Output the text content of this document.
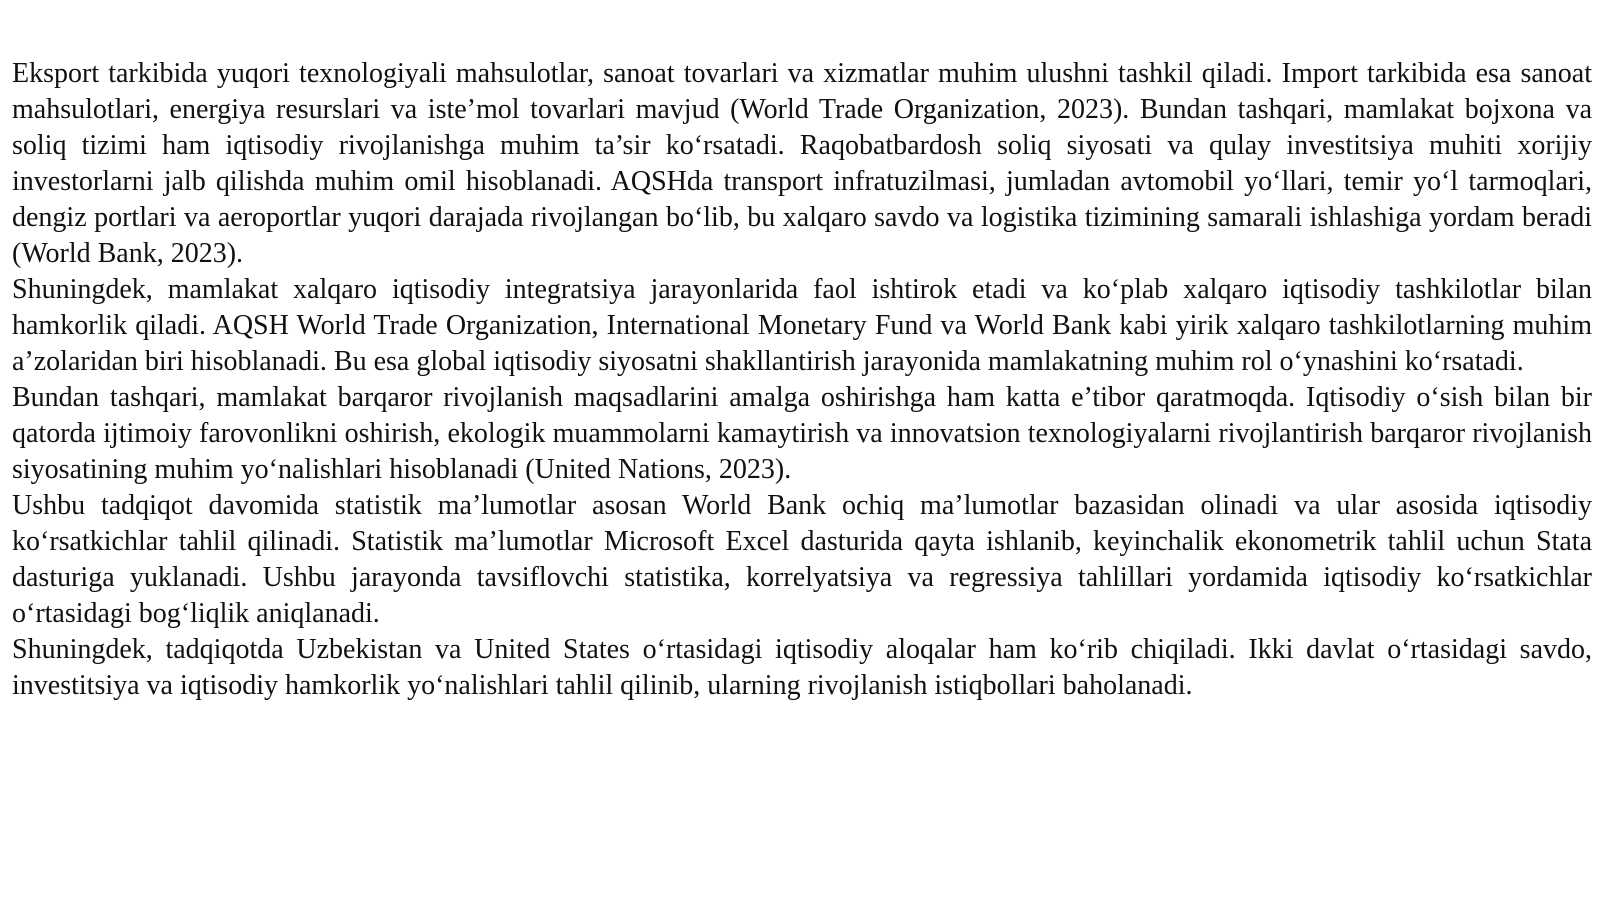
Eksport tarkibida yuqori texnologiyali mahsulotlar, sanoat tovarlari va xizmatlar muhim ulushni tashkil qiladi. Import tarkibida esa sanoat mahsulotlari, energiya resurslari va iste’mol tovarlari mavjud (World Trade Organization, 2023). Bundan tashqari, mamlakat bojxona va soliq tizimi ham iqtisodiy rivojlanishga muhim ta’sir ko‘rsatadi. Raqobatbardosh soliq siyosati va qulay investitsiya muhiti xorijiy investorlarni jalb qilishda muhim omil hisoblanadi. AQSHda transport infratuzilmasi, jumladan avtomobil yo‘llari, temir yo‘l tarmoqlari, dengiz portlari va aeroportlar yuqori darajada rivojlangan bo‘lib, bu xalqaro savdo va logistika tizimining samarali ishlashiga yordam beradi (World Bank, 2023).

Shuningdek, mamlakat xalqaro iqtisodiy integratsiya jarayonlarida faol ishtirok etadi va ko‘plab xalqaro iqtisodiy tashkilotlar bilan hamkorlik qiladi. AQSH World Trade Organization, International Monetary Fund va World Bank kabi yirik xalqaro tashkilotlarning muhim a’zolaridan biri hisoblanadi. Bu esa global iqtisodiy siyosatni shakllantirish jarayonida mamlakatning muhim rol o‘ynashini ko‘rsatadi.

Bundan tashqari, mamlakat barqaror rivojlanish maqsadlarini amalga oshirishga ham katta e’tibor qaratmoqda. Iqtisodiy o‘sish bilan bir qatorda ijtimoiy farovonlikni oshirish, ekologik muammolarni kamaytirish va innovatsion texnologiyalarni rivojlantirish barqaror rivojlanish siyosatining muhim yo‘nalishlari hisoblanadi (United Nations, 2023).

Ushbu tadqiqot davomida statistik ma’lumotlar asosan World Bank ochiq ma’lumotlar bazasidan olinadi va ular asosida iqtisodiy ko‘rsatkichlar tahlil qilinadi. Statistik ma’lumotlar Microsoft Excel dasturida qayta ishlanib, keyinchalik ekonometrik tahlil uchun Stata dasturiga yuklanadi. Ushbu jarayonda tavsiflovchi statistika, korrelyatsiya va regressiya tahlillari yordamida iqtisodiy ko‘rsatkichlar o‘rtasidagi bog‘liqlik aniqlanadi.

Shuningdek, tadqiqotda Uzbekistan va United States o‘rtasidagi iqtisodiy aloqalar ham ko‘rib chiqiladi. Ikki davlat o‘rtasidagi savdo, investitsiya va iqtisodiy hamkorlik yo‘nalishlari tahlil qilinib, ularning rivojlanish istiqbollari baholanadi.
